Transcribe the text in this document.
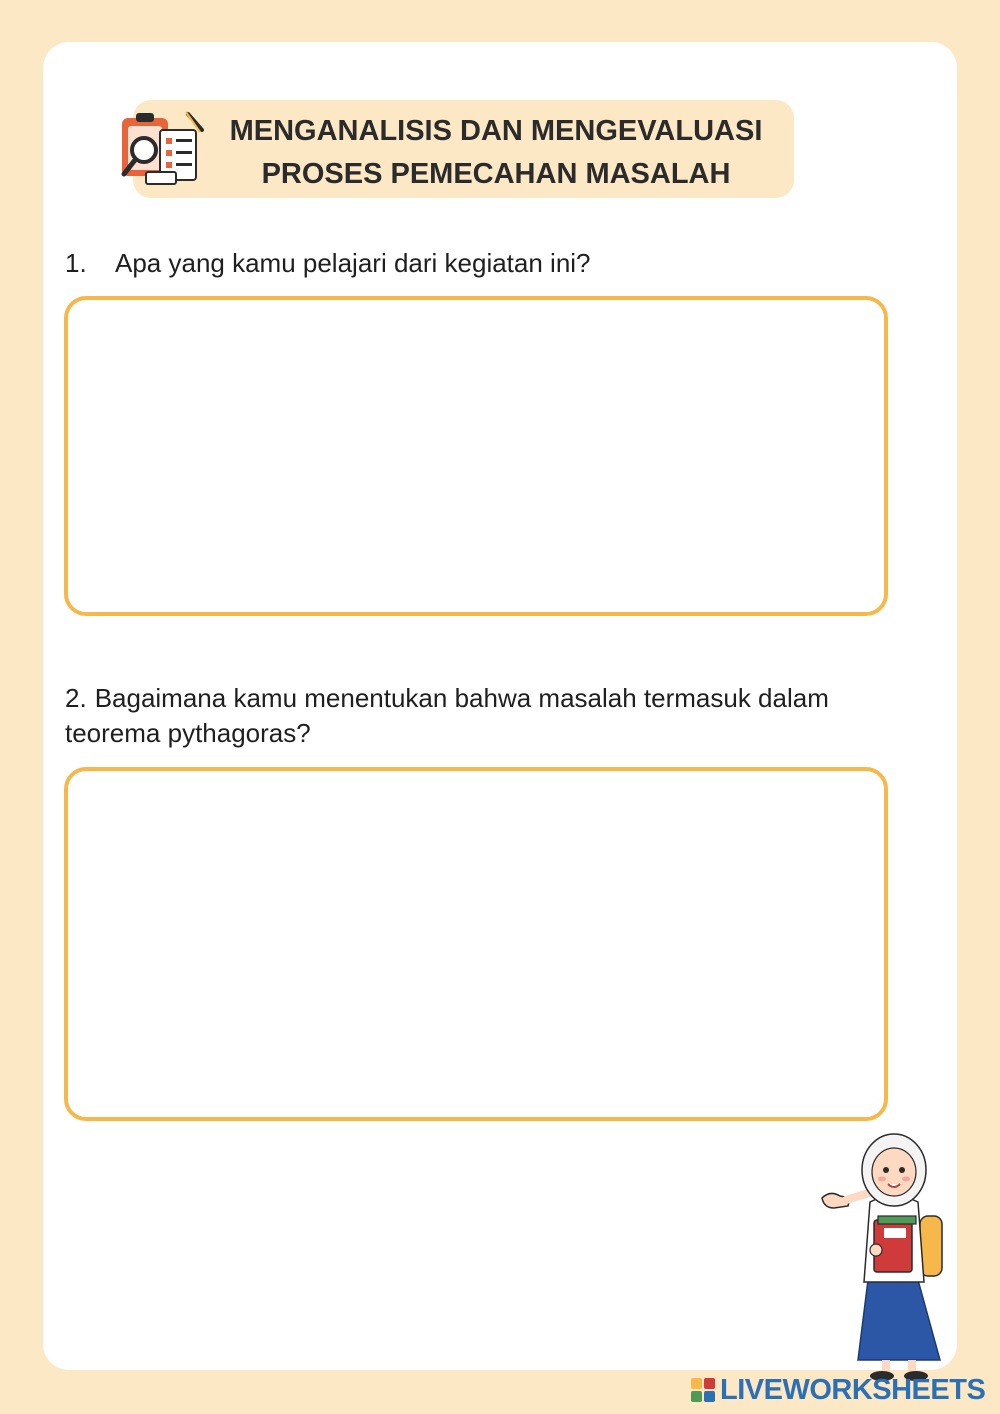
MENGANALISIS DAN MENGEVALUASI
PROSES PEMECAHAN MASALAH
1. Apa yang kamu pelajari dari kegiatan ini?
2. Bagaimana kamu menentukan bahwa masalah termasuk dalam teorema pythagoras?
LIVEWORKSHEETS
